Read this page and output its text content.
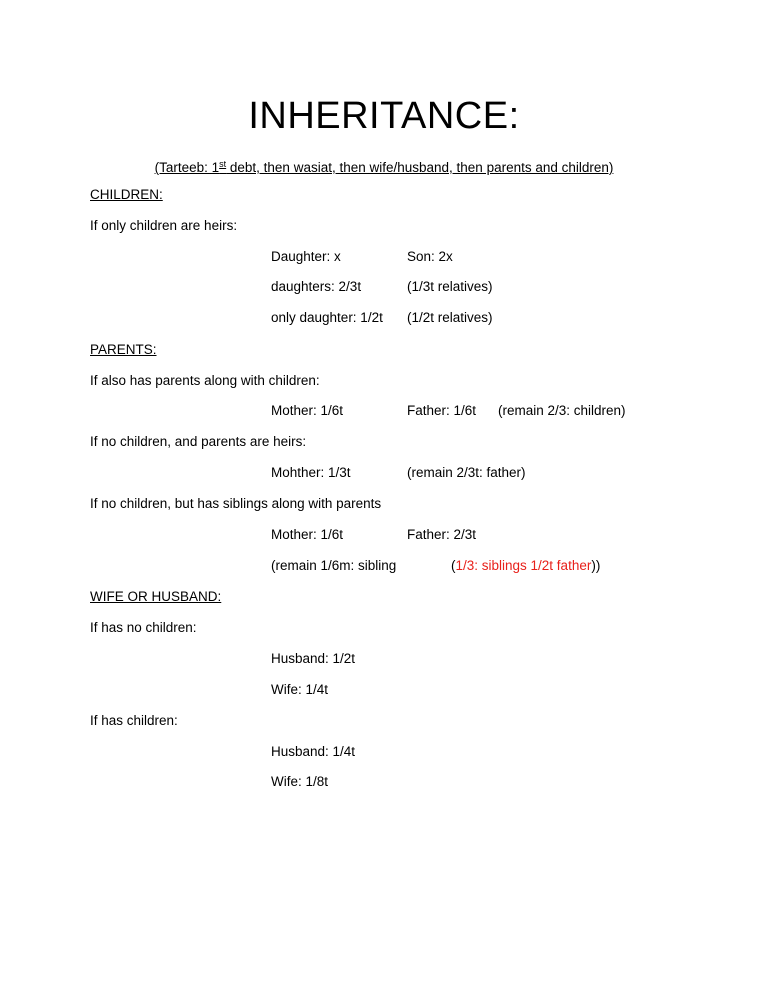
INHERITANCE:
(Tarteeb: 1st debt, then wasiat, then wife/husband, then parents and children)
CHILDREN:
If only children are heirs:
Daughter: x	Son: 2x
daughters: 2/3t	(1/3t relatives)
only daughter: 1/2t (1/2t relatives)
PARENTS:
If also has parents along with children:
Mother: 1/6t	Father: 1/6t (remain 2/3: children)
If no children, and parents are heirs:
Mohther: 1/3t	(remain 2/3t: father)
If no children, but has siblings along with parents
Mother: 1/6t	Father: 2/3t
(remain 1/6m: sibling	(1/3: siblings 1/2t father))
WIFE OR HUSBAND:
If has no children:
Husband: 1/2t
Wife: 1/4t
If has children:
Husband: 1/4t
Wife: 1/8t
